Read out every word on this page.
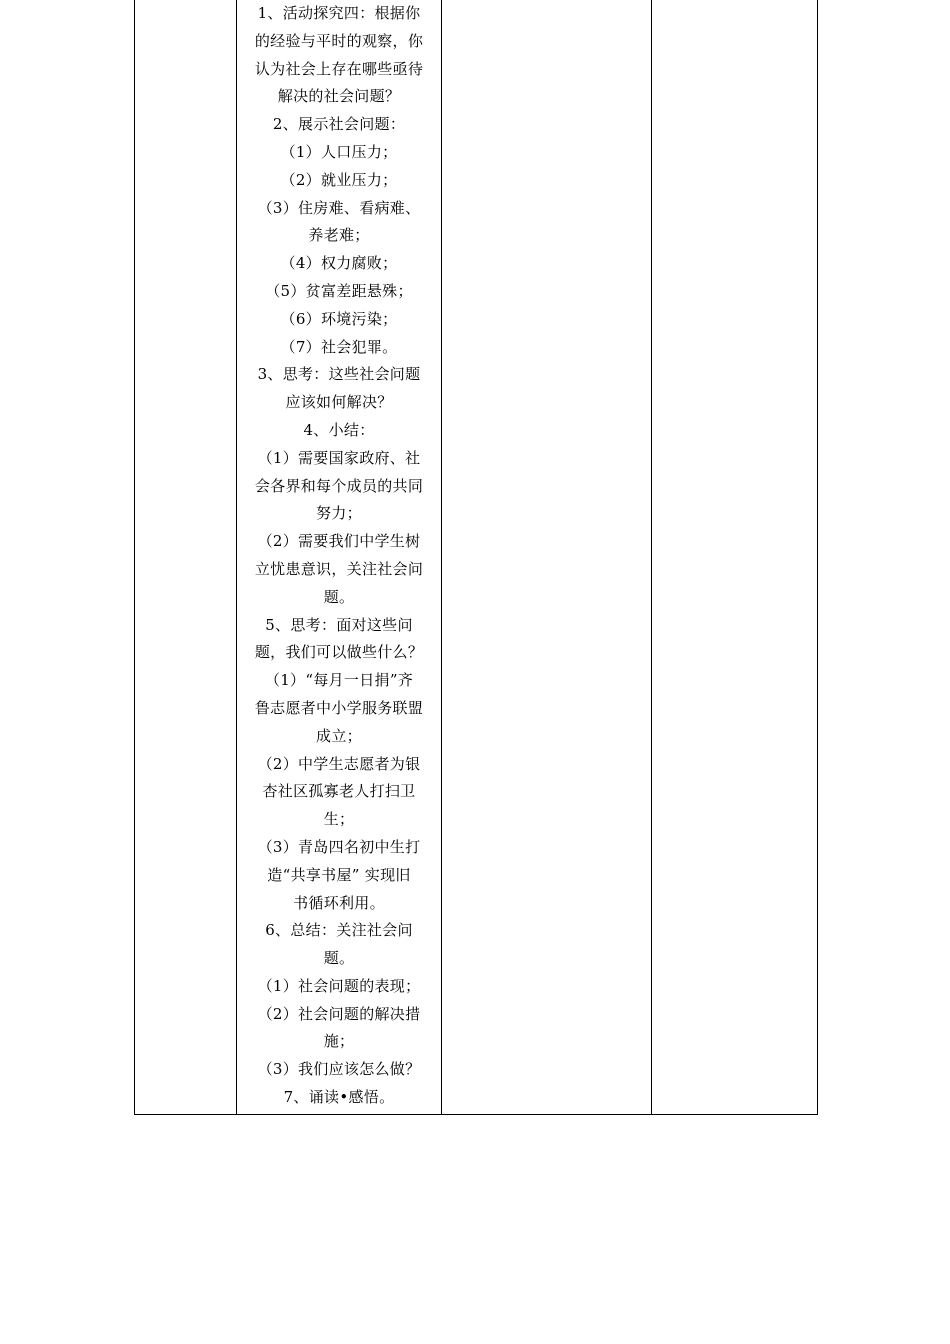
1、活动探究四：根据你
的经验与平时的观察，你
认为社会上存在哪些亟待
解决的社会问题？
2、展示社会问题：
（1）人口压力；
（2）就业压力；
（3）住房难、看病难、
养老难；
（4）权力腐败；
（5）贫富差距悬殊；
（6）环境污染；
（7）社会犯罪。
3、思考：这些社会问题
应该如何解决？
4、小结：
（1）需要国家政府、社
会各界和每个成员的共同
努力；
（2）需要我们中学生树
立忧患意识，关注社会问
题。
5、思考：面对这些问
题，我们可以做些什么？
（1）“每月一日捐”齐
鲁志愿者中小学服务联盟
成立；
（2）中学生志愿者为银
杏社区孤寡老人打扫卫
生；
（3）青岛四名初中生打
造“共享书屋” 实现旧
书循环利用。
6、总结：关注社会问
题。
（1）社会问题的表现；
（2）社会问题的解决措
施；
（3）我们应该怎么做？
7、诵读•感悟。
